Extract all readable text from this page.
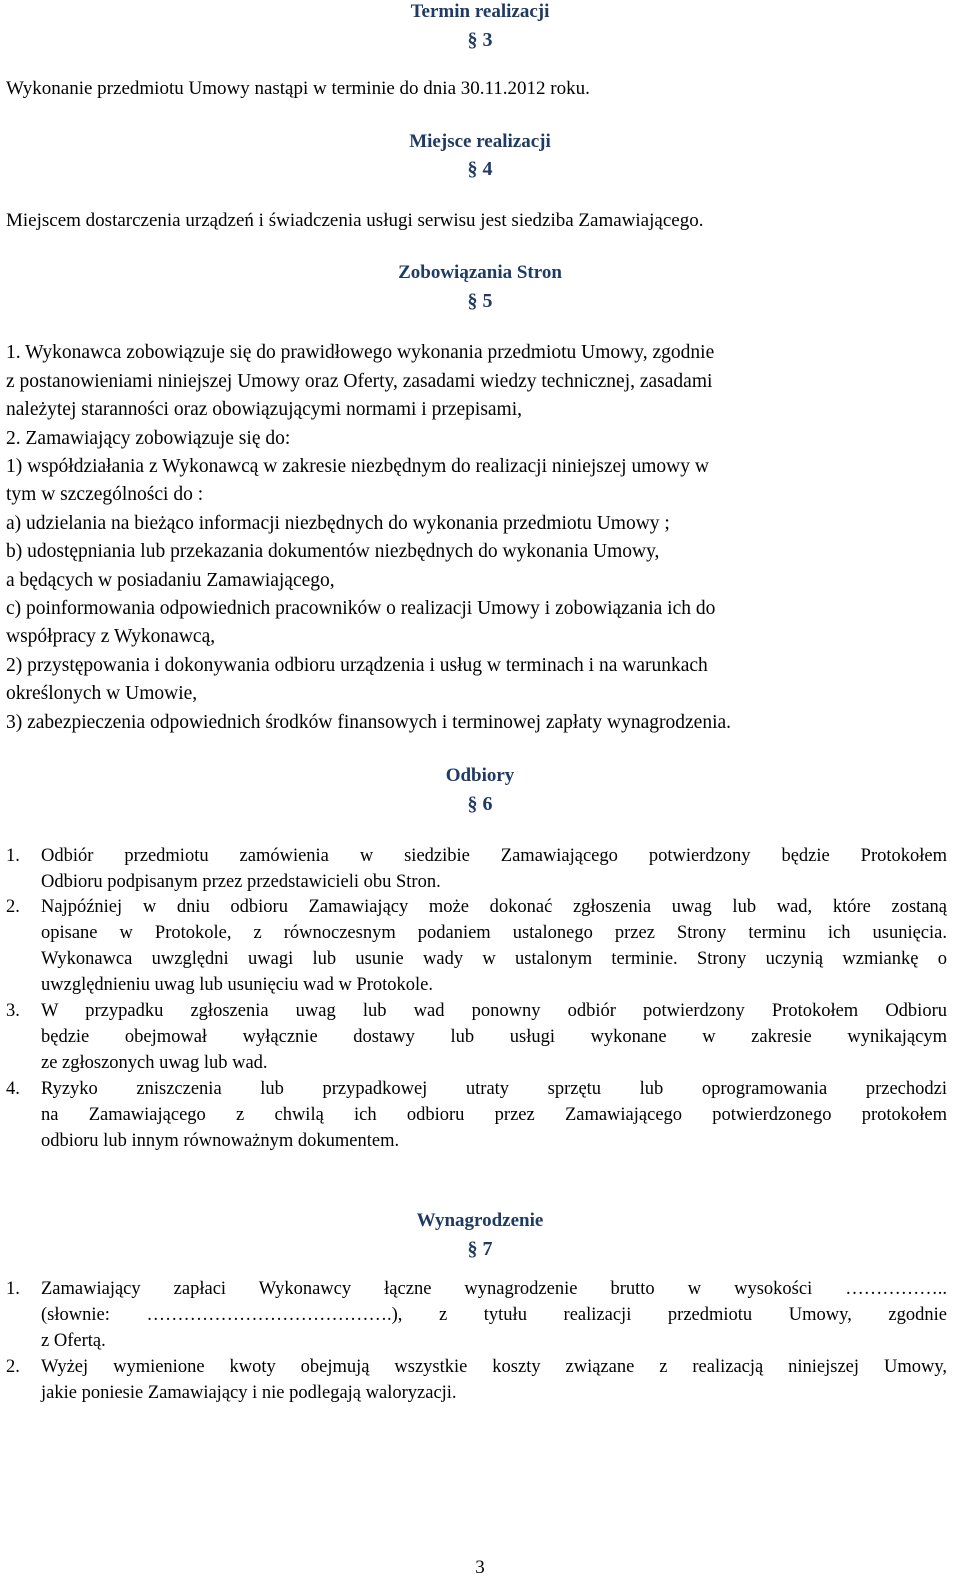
Termin realizacji
§ 3
Wykonanie przedmiotu Umowy nastąpi w terminie do dnia 30.11.2012 roku.
Miejsce realizacji
§ 4
Miejscem dostarczenia urządzeń i świadczenia usługi serwisu jest siedziba Zamawiającego.
Zobowiązania Stron
§ 5
1. Wykonawca zobowiązuje się do prawidłowego wykonania przedmiotu Umowy, zgodnie
z postanowieniami niniejszej Umowy oraz Oferty, zasadami wiedzy technicznej, zasadami
należytej staranności oraz obowiązującymi normami i przepisami,
2. Zamawiający zobowiązuje się do:
1) współdziałania z Wykonawcą w zakresie niezbędnym do realizacji niniejszej umowy w
tym w szczególności do :
a) udzielania na bieżąco informacji niezbędnych do wykonania przedmiotu Umowy ;
b) udostępniania lub przekazania dokumentów niezbędnych do wykonania Umowy,
a będących w posiadaniu Zamawiającego,
c) poinformowania odpowiednich pracowników o realizacji Umowy i zobowiązania ich do
współpracy z Wykonawcą,
2) przystępowania i dokonywania odbioru urządzenia i usług w terminach i na warunkach
określonych w Umowie,
3) zabezpieczenia odpowiednich środków finansowych i terminowej zapłaty wynagrodzenia.
Odbiory
§ 6
1. Odbiór przedmiotu zamówienia w siedzibie Zamawiającego potwierdzony będzie Protokołem
Odbioru podpisanym przez przedstawicieli obu Stron.
2. Najpóźniej w dniu odbioru Zamawiający może dokonać zgłoszenia uwag lub wad, które zostaną
opisane w Protokole, z równoczesnym podaniem ustalonego przez Strony terminu ich usunięcia.
Wykonawca uwzględni uwagi lub usunie wady w ustalonym terminie. Strony uczynią wzmiankę o
uwzględnieniu uwag lub usunięciu wad w Protokole.
3. W przypadku zgłoszenia uwag lub wad ponowny odbiór potwierdzony Protokołem Odbioru
będzie obejmował wyłącznie dostawy lub usługi wykonane w zakresie wynikającym
ze zgłoszonych uwag lub wad.
4. Ryzyko zniszczenia lub przypadkowej utraty sprzętu lub oprogramowania przechodzi
na Zamawiającego z chwilą ich odbioru przez Zamawiającego potwierdzonego protokołem
odbioru lub innym równoważnym dokumentem.
Wynagrodzenie
§ 7
1. Zamawiający zapłaci Wykonawcy łączne wynagrodzenie brutto w wysokości ……………..
(słownie: ………………………………….), z tytułu realizacji przedmiotu Umowy, zgodnie
z Ofertą.
2. Wyżej wymienione kwoty obejmują wszystkie koszty związane z realizacją niniejszej Umowy,
jakie poniesie Zamawiający i nie podlegają waloryzacji.
3
